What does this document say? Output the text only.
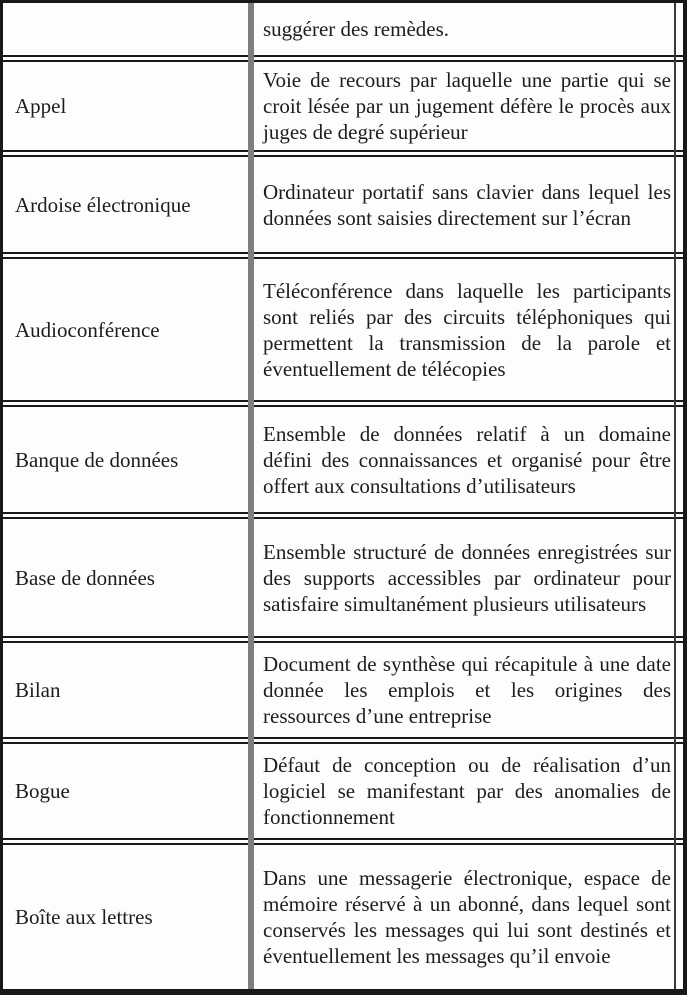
suggérer des remèdes.
Appel
Voie de recours par laquelle une partie qui se croit lésée par un jugement défère le procès aux juges de degré supérieur
Ardoise électronique
Ordinateur portatif sans clavier dans lequel les données sont saisies directement sur l’écran
Audioconférence
Téléconférence dans laquelle les participants sont reliés par des circuits téléphoniques qui permettent la transmission de la parole et éventuellement de télécopies
Banque de données
Ensemble de données relatif à un domaine défini des connaissances et organisé pour être offert aux consultations d’utilisateurs
Base de données
Ensemble structuré de données enregistrées sur des supports accessibles par ordinateur pour satisfaire simultanément plusieurs utilisateurs
Bilan
Document de synthèse qui récapitule à une date donnée les emplois et les origines des ressources d’une entreprise
Bogue
Défaut de conception ou de réalisation d’un logiciel se manifestant par des anomalies de fonctionnement
Boîte aux lettres
Dans une messagerie électronique, espace de mémoire réservé à un abonné, dans lequel sont conservés les messages qui lui sont destinés et éventuellement les messages qu’il envoie
